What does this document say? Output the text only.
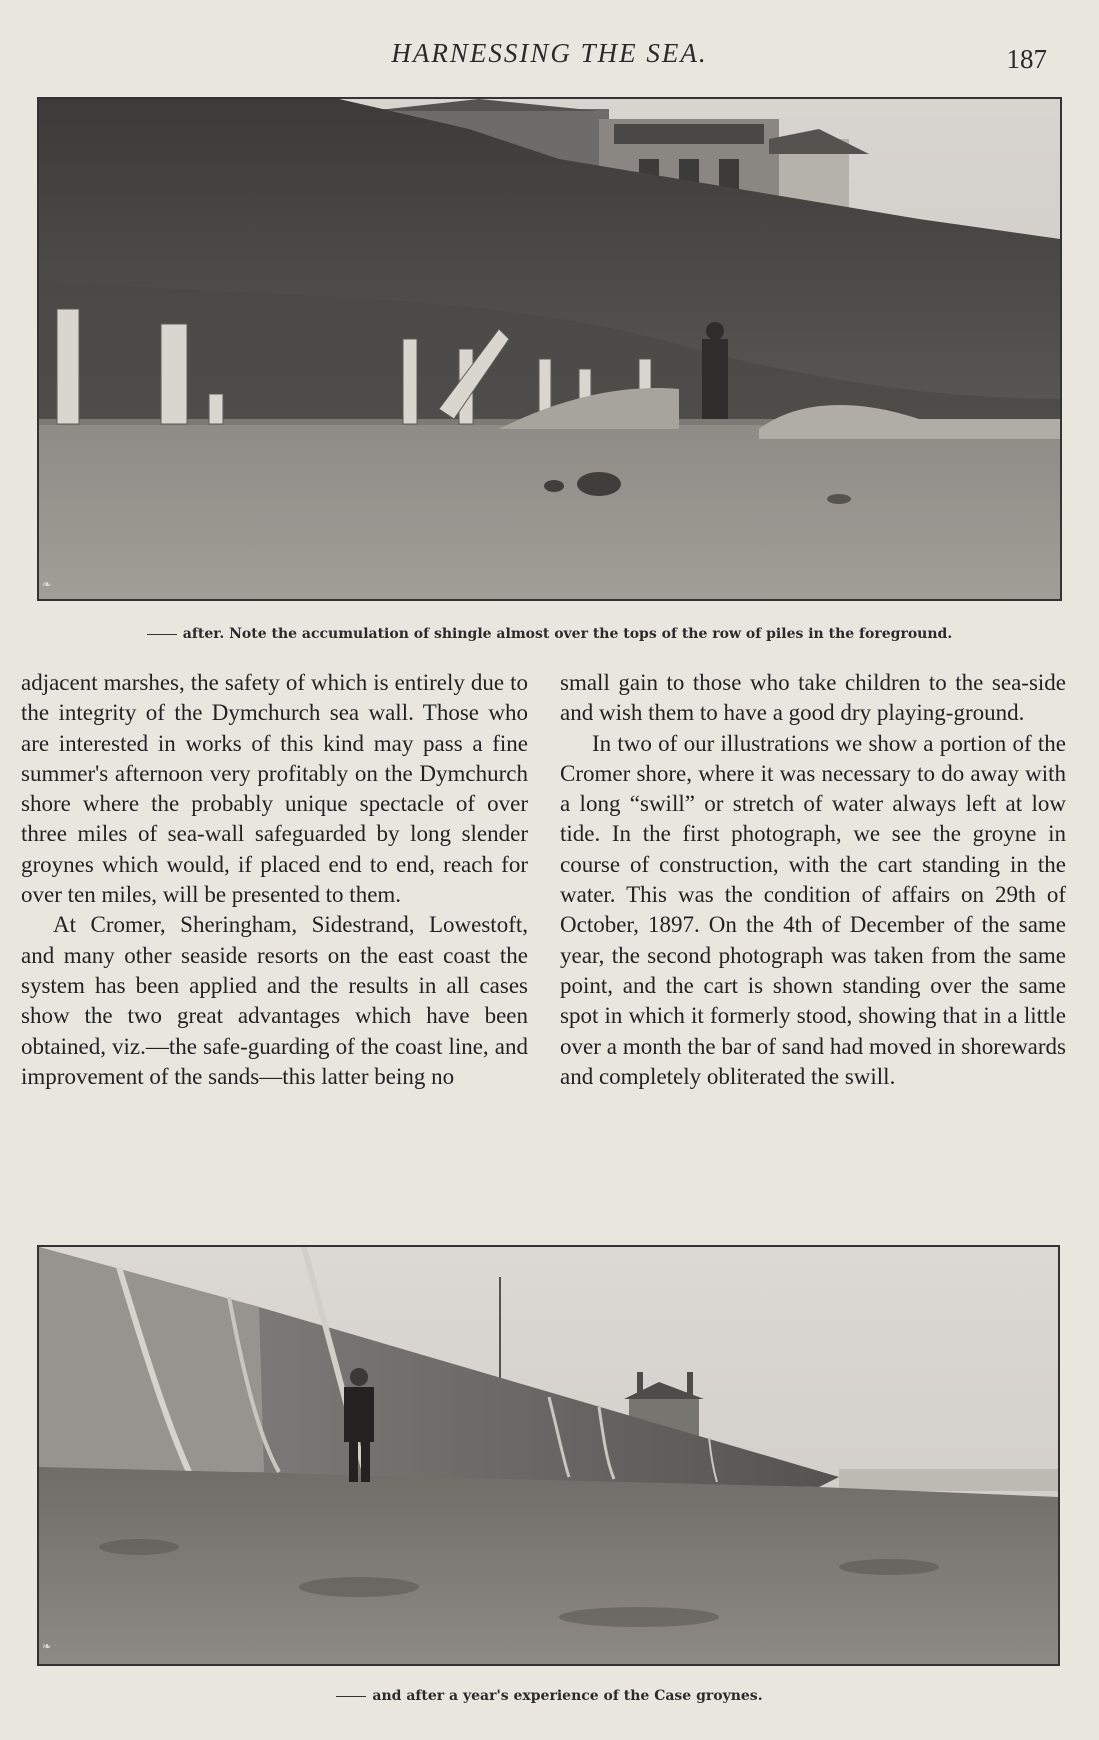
HARNESSING THE SEA.	187
❧
after. Note the accumulation of shingle almost over the tops of the row of piles in the foreground.

adjacent marshes, the safety of which is entirely due to the integrity of the Dymchurch sea wall. Those who are interested in works of this kind may pass a fine summer's afternoon very profitably on the Dymchurch shore where the probably unique spectacle of over three miles of sea-wall safeguarded by long slender groynes which would, if placed end to end, reach for over ten miles, will be presented to them.

At Cromer, Sheringham, Sidestrand, Lowestoft, and many other seaside resorts on the east coast the system has been applied and the results in all cases show the two great advantages which have been obtained, viz.—the safe-guarding of the coast line, and improvement of the sands—this latter being no

small gain to those who take children to the sea-side and wish them to have a good dry playing-ground.

In two of our illustrations we show a portion of the Cromer shore, where it was necessary to do away with a long “swill” or stretch of water always left at low tide. In the first photograph, we see the groyne in course of construction, with the cart standing in the water. This was the condition of affairs on 29th of October, 1897. On the 4th of December of the same year, the second photograph was taken from the same point, and the cart is shown standing over the same spot in which it formerly stood, showing that in a little over a month the bar of sand had moved in shorewards and completely obliterated the swill.

❧
and after a year's experience of the Case groynes.
